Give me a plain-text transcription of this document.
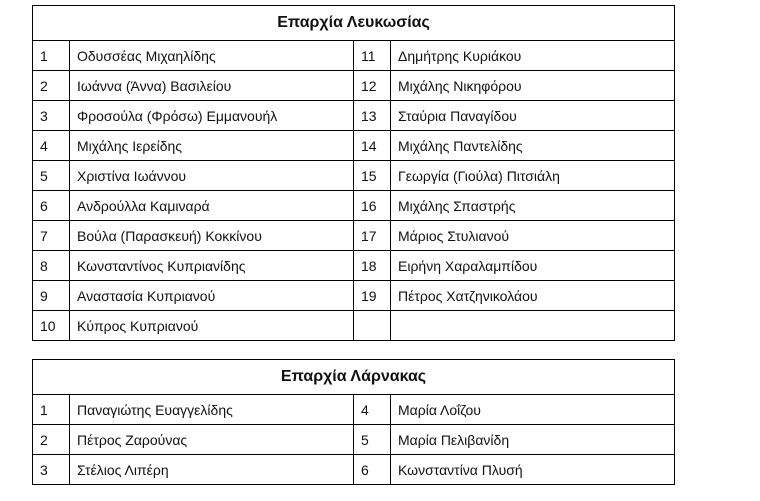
Επαρχία Λευκωσίας			
1	Οδυσσέας Μιχαηλίδης	11	Δημήτρης Κυριάκου
2	Ιωάννα (Άννα) Βασιλείου	12	Μιχάλης Νικηφόρου
3	Φροσούλα (Φρόσω) Εμμανουήλ	13	Σταύρια Παναγίδου
4	Μιχάλης Ιερείδης	14	Μιχάλης Παντελίδης
5	Χριστίνα Ιωάννου	15	Γεωργία (Γιούλα) Πιτσιάλη
6	Ανδρούλλα Καμιναρά	16	Μιχάλης Σπαστρής
7	Βούλα (Παρασκευή) Κοκκίνου	17	Μάριος Στυλιανού
8	Κωνσταντίνος Κυπριανίδης	18	Ειρήνη Χαραλαμπίδου
9	Αναστασία Κυπριανού	19	Πέτρος Χατζηνικολάου
10	Κύπρος Κυπριανού		
Επαρχία Λάρνακας			
1	Παναγιώτης Ευαγγελίδης	4	Μαρία Λοΐζου
2	Πέτρος Ζαρούνας	5	Μαρία Πελιβανίδη
3	Στέλιος Λιπέρη	6	Κωνσταντίνα Πλυσή
